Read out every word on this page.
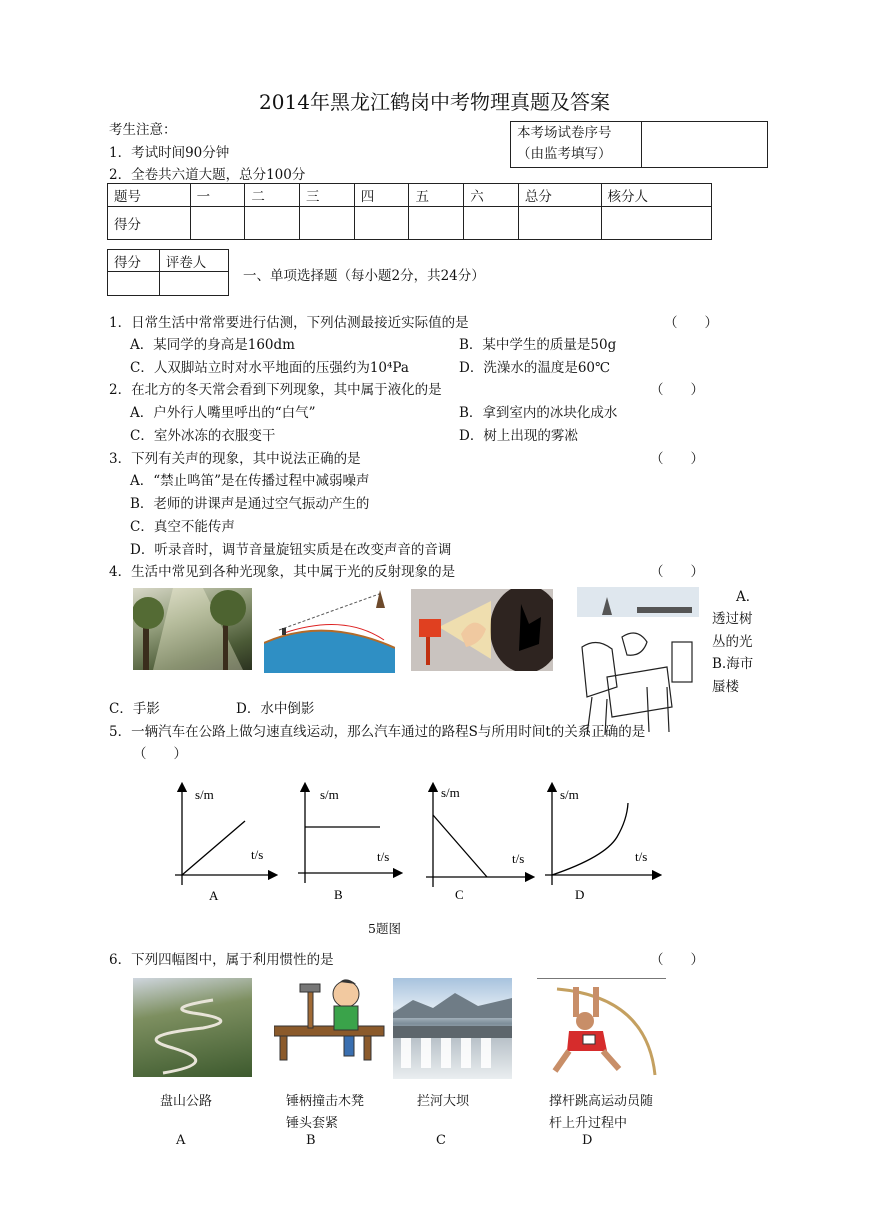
2014年黑龙江鹤岗中考物理真题及答案
考生注意：
1．考试时间90分钟
2．全卷共六道大题，总分100分
本考场试卷序号
（由监考填写）

题号	一	二	三	四	五	六	总分	核分人
得分								
得分	评卷人

一、单项选择题（每小题2分，共24分）
1．日常生活中常常要进行估测，下列估测最接近实际值的是	（　　）
A．某同学的身高是160dm	B．某中学生的质量是50g
C．人双脚站立时对水平地面的压强约为10⁴Pa	D．洗澡水的温度是60℃
2．在北方的冬天常会看到下列现象，其中属于液化的是	（　　）
A．户外行人嘴里呼出的“白气”	B．拿到室内的冰块化成水
C．室外冰冻的衣服变干	D．树上出现的雾凇
3．下列有关声的现象，其中说法正确的是	（　　）
A．“禁止鸣笛”是在传播过程中减弱噪声
B．老师的讲课声是通过空气振动产生的
C．真空不能传声
D．听录音时，调节音量旋钮实质是在改变声音的音调
4．生活中常见到各种光现象，其中属于光的反射现象的是	（　　）
A．
透过树
丛的光
B.海市
蜃楼
C．手影	D．水中倒影
5．一辆汽车在公路上做匀速直线运动，那么汽车通过的路程S与所用时间t的关系正确的是
（　　）
s/m
t/s
A
s/m
t/s
B
s/m
t/s
C
s/m
t/s
D
5题图
6．下列四幅图中，属于利用惯性的是	（　　）
盘山公路	锤柄撞击木凳
锤头套紧
拦河大坝	撑杆跳高运动员随
杆上升过程中
A	B	C	D
